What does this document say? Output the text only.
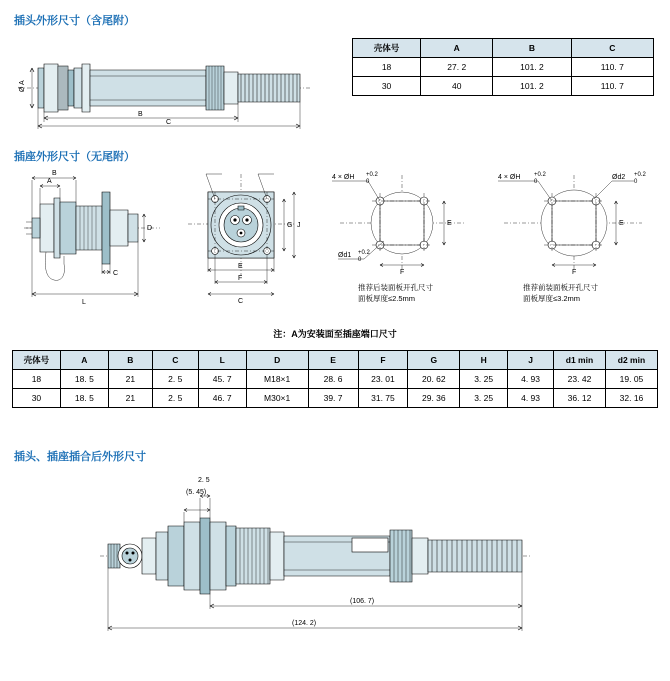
插头外形尺寸（含尾附）
Ø A
B
C
壳体号	A	B	C
18	27. 2	101. 2	110. 7
30	40	101. 2	110. 7
插座外形尺寸（无尾附）
A
B
C
D
L
G J
E
F
C
4 × ØH +0.2
0
Ød1 +0.2
0
E
F
推荐后装面板开孔尺寸
面板厚度≤2.5mm
4 × ØH +0.2
0
Ød2 +0.2
0
E
F
推荐前装面板开孔尺寸
面板厚度≤3.2mm
注：A为安装面至插座端口尺寸
壳体号	A	B	C	L	D	E	F	G	H	J	d1 min	d2 min
18	18. 5	21	2. 5	45. 7	M18×1	28. 6	23. 01	20. 62	3. 25	4. 93	23. 42	19. 05
30	18. 5	21	2. 5	46. 7	M30×1	39. 7	31. 75	29. 36	3. 25	4. 93	36. 12	32. 16
插头、插座插合后外形尺寸
2. 5
(5. 45)
(106. 7)
(124. 2)
